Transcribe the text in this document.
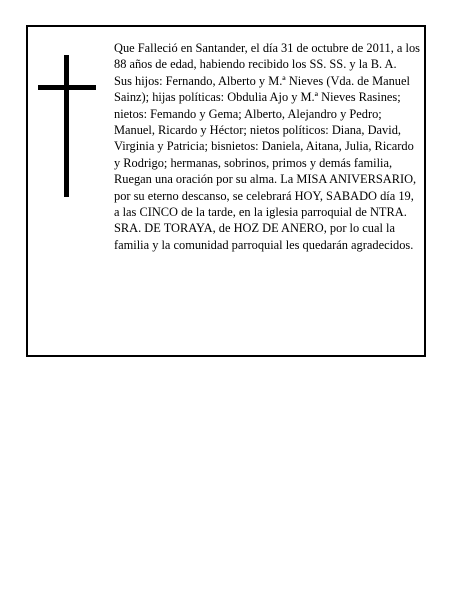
Que Falleció en Santander, el día 31 de octubre de 2011, a los 88 años de edad, habiendo recibido los SS. SS. y la B. A.

Sus hijos: Fernando, Alberto y M.ª Nieves (Vda. de Manuel Sainz); hijas políticas: Obdulia Ajo y M.ª Nieves Rasines; nietos: Femando y Gema; Alberto, Alejandro y Pedro; Manuel, Ricardo y Héctor; nietos políticos: Diana, David, Virginia y Patricia; bisnietos: Daniela, Aitana, Julia, Ricardo y Rodrigo; hermanas, sobrinos, primos y demás familia,

Ruegan una oración por su alma. La MISA ANIVERSARIO, por su eterno descanso, se celebrará HOY, SABADO día 19, a las CINCO de la tarde, en la iglesia parroquial de NTRA. SRA. DE TORAYA, de HOZ DE ANERO, por lo cual la familia y la comunidad parroquial les quedarán agradecidos.
